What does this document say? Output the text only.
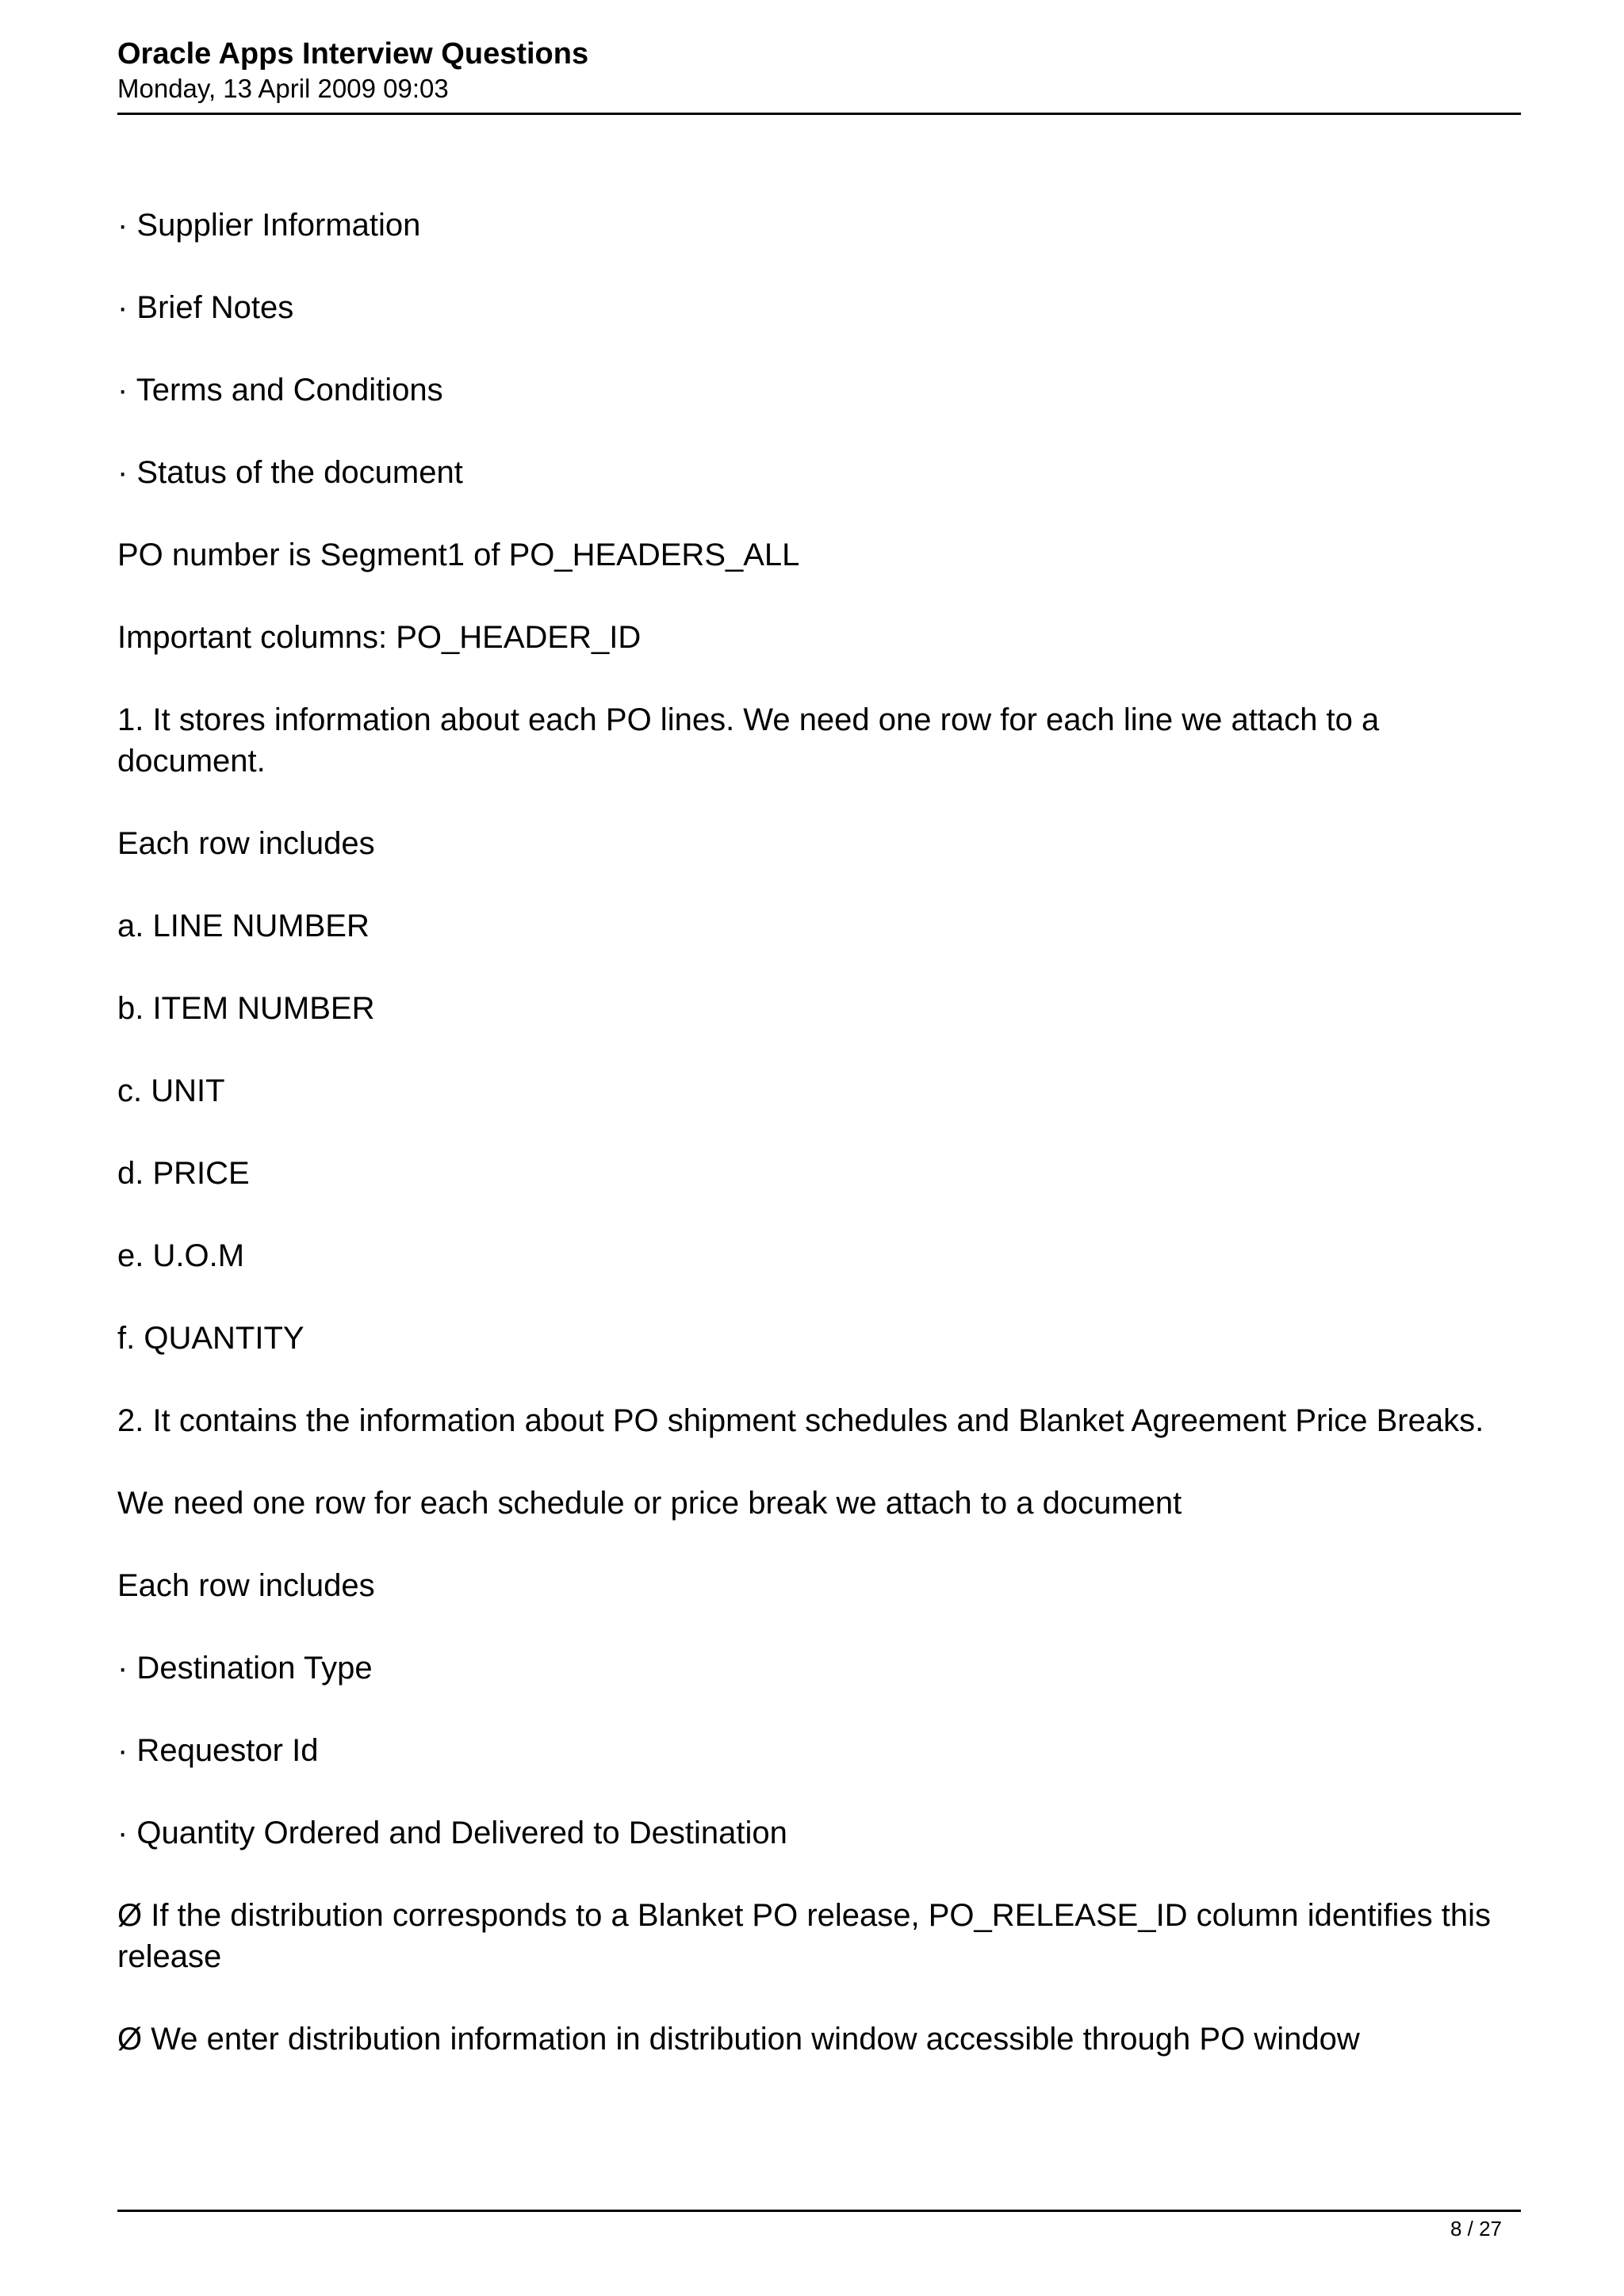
Oracle Apps Interview Questions

Monday, 13 April 2009 09:03

· Supplier Information

· Brief Notes

· Terms and Conditions

· Status of the document

PO number is Segment1 of PO_HEADERS_ALL

Important columns: PO_HEADER_ID

1. It stores information about each PO lines. We need one row for each line we attach to a document.

Each row includes

a. LINE NUMBER

b. ITEM NUMBER

c. UNIT

d. PRICE

e. U.O.M

f. QUANTITY

2. It contains the information about PO shipment schedules and Blanket Agreement Price Breaks.

We need one row for each schedule or price break we attach to a document

Each row includes

· Destination Type

· Requestor Id

· Quantity Ordered and Delivered to Destination

Ø If the distribution corresponds to a Blanket PO release, PO_RELEASE_ID column identifies this release

Ø We enter distribution information in distribution window accessible through PO window

8 / 27
